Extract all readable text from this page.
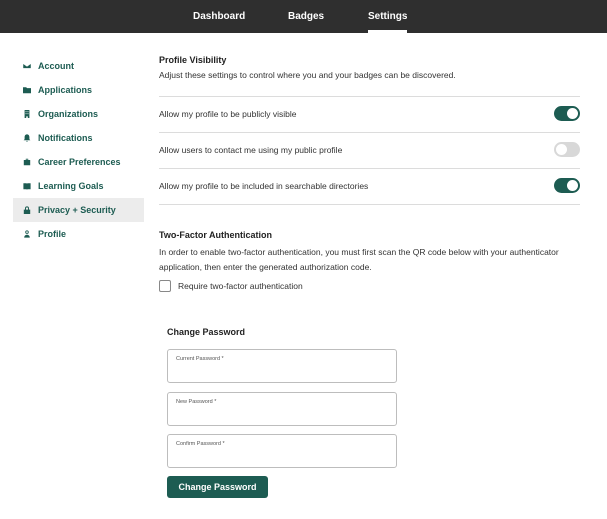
Dashboard	Badges	Settings
Account
Applications
Organizations
Notifications
Career Preferences
Learning Goals
Privacy + Security
Profile
Profile Visibility
Adjust these settings to control where you and your badges can be discovered.
Allow my profile to be publicly visible
Allow users to contact me using my public profile
Allow my profile to be included in searchable directories
Two-Factor Authentication
In order to enable two-factor authentication, you must first scan the QR code below with your authenticator
application, then enter the generated authorization code.
Require two-factor authentication
Change Password
Current Password *
New Password *
Confirm Password *
Change Password
